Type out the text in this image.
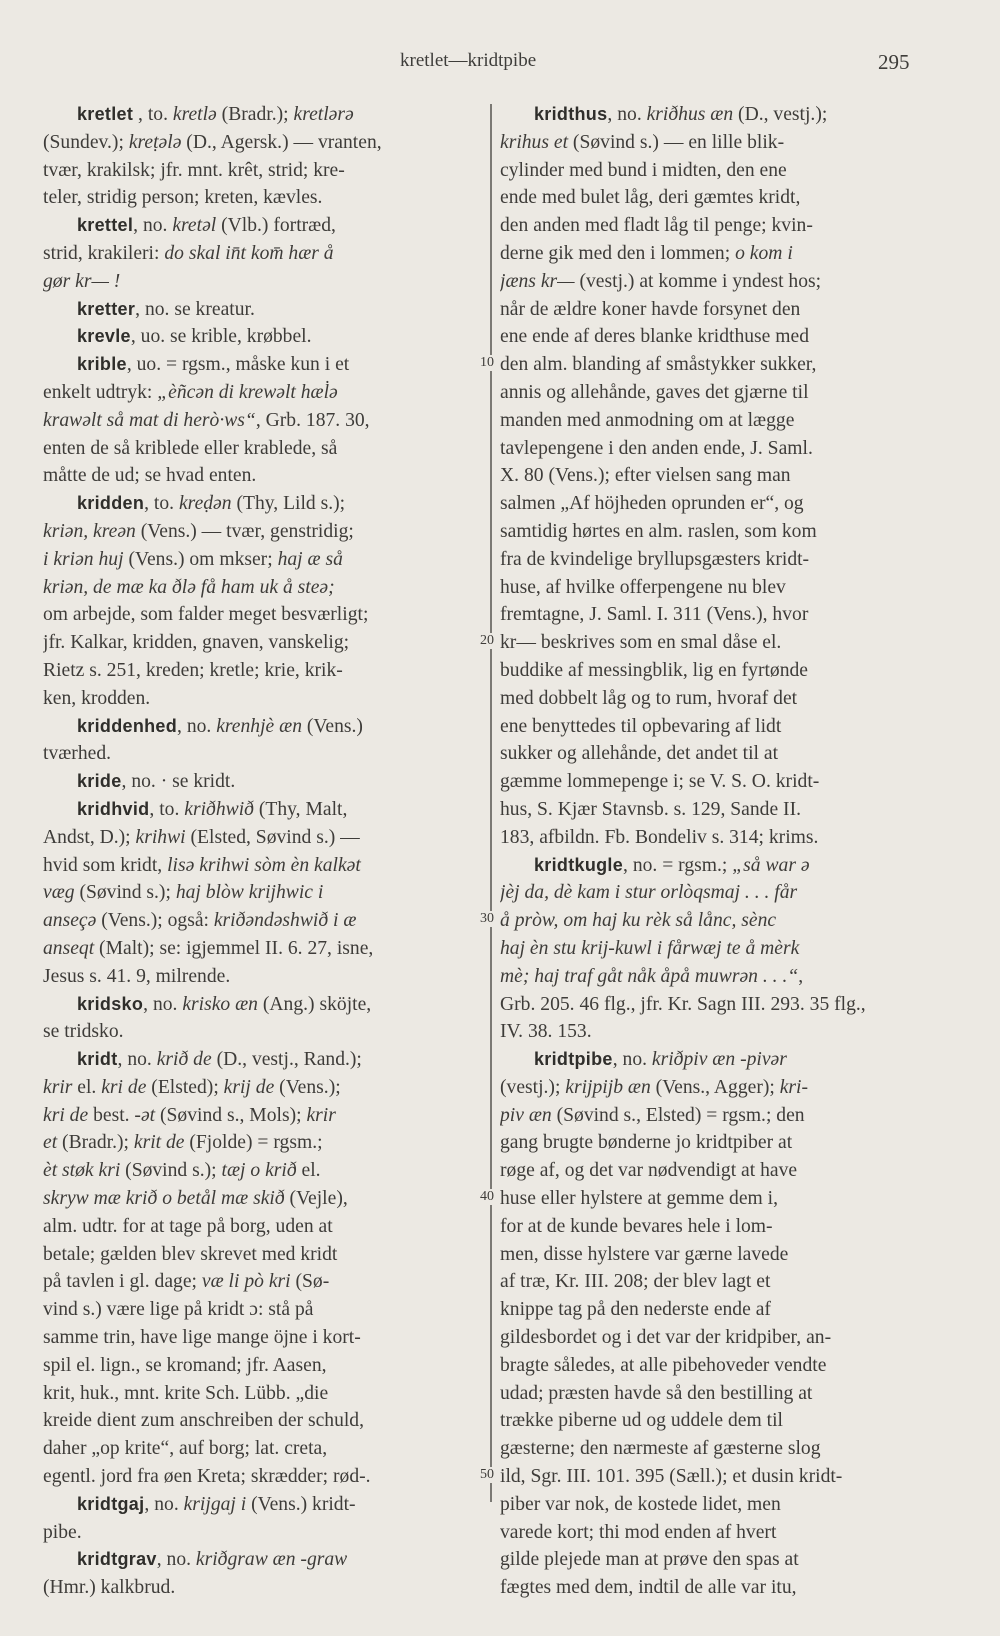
kretlet—kridtpibe	295
kretlet , to. kretlə (Bradr.); kretlərə
(Sundev.); kreṭələ (D., Agersk.) — vranten,
tvær, krakilsk; jfr. mnt. krêt, strid; kre-
teler, stridig person; kreten, kævles.
krettel, no. kretəl (Vlb.) fortræd,
strid, krakileri: do skal in̄t kom̄ hær å
gør kr— !
kretter, no. se kreatur.
krevle, uo. se krible, krøbbel.
krible, uo. = rgsm., måske kun i et
enkelt udtryk: „èñcən di krewəlt hæl̇ə
krawəlt så mat di herò·ws“, Grb. 187. 30,
enten de så kriblede eller krablede, så
måtte de ud; se hvad enten.
kridden, to. kreḍən (Thy, Lild s.);
kriən, kreən (Vens.) — tvær, genstridig;
i kriən huj (Vens.) om mkser; haj æ så
kriən, de mæ ka ðlə få ham uk å steə;
om arbejde, som falder meget besværligt;
jfr. Kalkar, kridden, gnaven, vanskelig;
Rietz s. 251, kreden; kretle; krie, krik-
ken, krodden.
kriddenhed, no. krenhjè æn (Vens.)
tværhed.
kride, no. · se kridt.
kridhvid, to. kriðhwið (Thy, Malt,
Andst, D.); krihwi (Elsted, Søvind s.) —
hvid som kridt, lisə krihwi sòm èn kalkət
væg (Søvind s.); haj blòw krijhwic i
anseçə (Vens.); også: kriðəndəshwið i æ
anseqt (Malt); se: igjemmel II. 6. 27, isne,
Jesus s. 41. 9, milrende.
kridsko, no. krisko æn (Ang.) sköjte,
se tridsko.
kridt, no. krið de (D., vestj., Rand.);
krir el. kri de (Elsted); krij de (Vens.);
kri de best. -ət (Søvind s., Mols); krir
et (Bradr.); krit de (Fjolde) = rgsm.;
èt støk kri (Søvind s.); tæj o krið el.
skryw mæ krið o betål mæ skið (Vejle),
alm. udtr. for at tage på borg, uden at
betale; gælden blev skrevet med kridt
på tavlen i gl. dage; væ li pò kri (Sø-
vind s.) være lige på kridt ɔ: stå på
samme trin, have lige mange öjne i kort-
spil el. lign., se kromand; jfr. Aasen,
krit, huk., mnt. krite Sch. Lübb. „die
kreide dient zum anschreiben der schuld,
daher „op krite“, auf borg; lat. creta,
egentl. jord fra øen Kreta; skrædder; rød-.
kridtgaj, no. krijgaj i (Vens.) kridt-
pibe.
kridtgrav, no. kriðgraw æn -graw
(Hmr.) kalkbrud.
10
20
30
40
50
kridthus, no. kriðhus æn (D., vestj.);
krihus et (Søvind s.) — en lille blik-
cylinder med bund i midten, den ene
ende med bulet låg, deri gæmtes kridt,
den anden med fladt låg til penge; kvin-
derne gik med den i lommen; o kom i
jæns kr— (vestj.) at komme i yndest hos;
når de ældre koner havde forsynet den
ene ende af deres blanke kridthuse med
den alm. blanding af småstykker sukker,
annis og allehånde, gaves det gjærne til
manden med anmodning om at lægge
tavlepengene i den anden ende, J. Saml.
X. 80 (Vens.); efter vielsen sang man
salmen „Af höjheden oprunden er“, og
samtidig hørtes en alm. raslen, som kom
fra de kvindelige bryllupsgæsters kridt-
huse, af hvilke offerpengene nu blev
fremtagne, J. Saml. I. 311 (Vens.), hvor
kr— beskrives som en smal dåse el.
buddike af messingblik, lig en fyrtønde
med dobbelt låg og to rum, hvoraf det
ene benyttedes til opbevaring af lidt
sukker og allehånde, det andet til at
gæmme lommepenge i; se V. S. O. kridt-
hus, S. Kjær Stavnsb. s. 129, Sande II.
183, afbildn. Fb. Bondeliv s. 314; krims.
kridtkugle, no. = rgsm.; „så war ə
jèj da, dè kam i stur orlòqsmaj . . . får
å pròw, om haj ku rèk så lånc, sènc
haj èn stu krij-kuwl i fårwæj te å mèrk
mè; haj traf gåt nåk åpå muwrən . . .“,
Grb. 205. 46 flg., jfr. Kr. Sagn III. 293. 35 flg.,
IV. 38. 153.
kridtpibe, no. kriðpiv æn -pivər
(vestj.); krijpijb æn (Vens., Agger); kri-
piv æn (Søvind s., Elsted) = rgsm.; den
gang brugte bønderne jo kridtpiber at
røge af, og det var nødvendigt at have
huse eller hylstere at gemme dem i,
for at de kunde bevares hele i lom-
men, disse hylstere var gærne lavede
af træ, Kr. III. 208; der blev lagt et
knippe tag på den nederste ende af
gildesbordet og i det var der kridpiber, an-
bragte således, at alle pibehoveder vendte
udad; præsten havde så den bestilling at
trække piberne ud og uddele dem til
gæsterne; den nærmeste af gæsterne slog
ild, Sgr. III. 101. 395 (Sæll.); et dusin kridt-
piber var nok, de kostede lidet, men
varede kort; thi mod enden af hvert
gilde plejede man at prøve den spas at
fægtes med dem, indtil de alle var itu,
